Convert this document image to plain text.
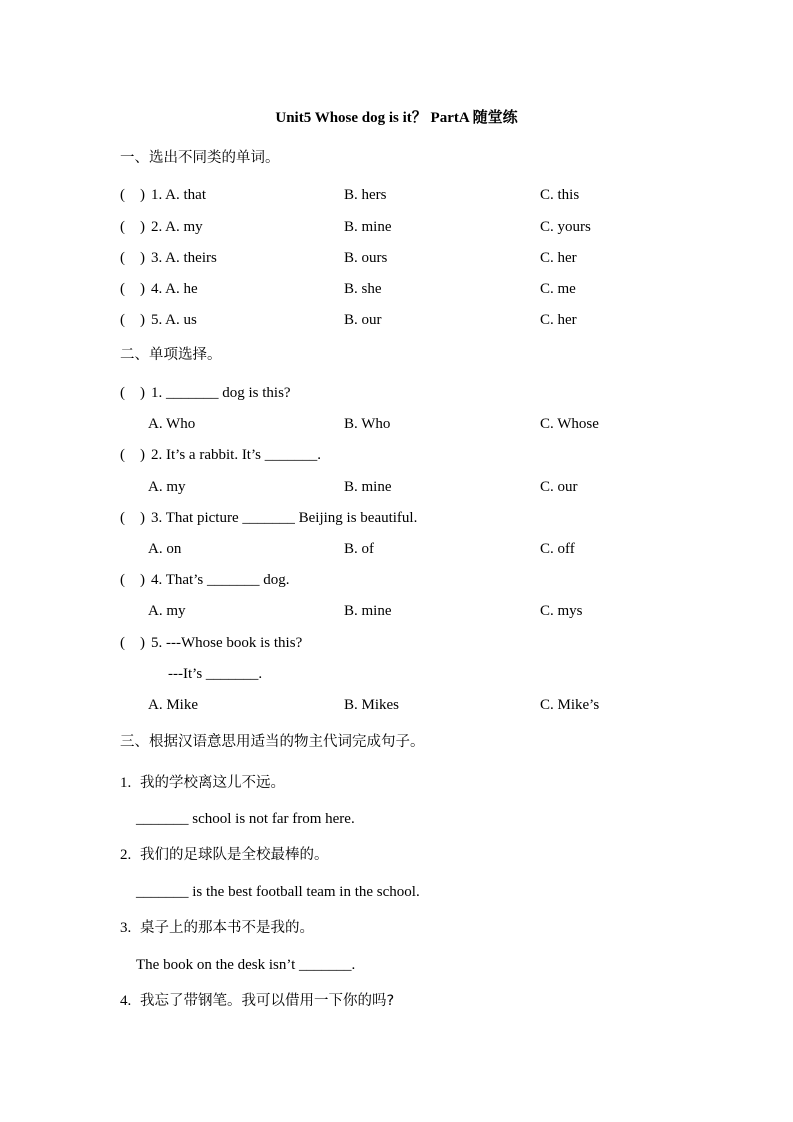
Unit5 Whose dog is it？ PartA 随堂练
一、选出不同类的单词。
(    ) 1. A. that	B. hers	C. this
(    ) 2. A. my	B. mine	C. yours
(    ) 3. A. theirs	B. ours	C. her
(    ) 4. A. he	B. she	C. me
(    ) 5. A. us	B. our	C. her
二、单项选择。
(    ) 1. _______ dog is this?
A. Who	B. Who	C. Whose
(    ) 2. It’s a rabbit. It’s _______.
A. my	B. mine	C. our
(    ) 3. That picture _______ Beijing is beautiful.
A. on	B. of	C. off
(    ) 4. That’s _______ dog.
A. my	B. mine	C. mys
(    ) 5. ---Whose book is this?
---It’s _______.
A. Mike	B. Mikes	C. Mike’s
三、根据汉语意思用适当的物主代词完成句子。
1. 我的学校离这儿不远。
_______ school is not far from here.
2. 我们的足球队是全校最棒的。
_______ is the best football team in the school.
3. 桌子上的那本书不是我的。
The book on the desk isn’t _______.
4. 我忘了带钢笔。我可以借用一下你的吗?
